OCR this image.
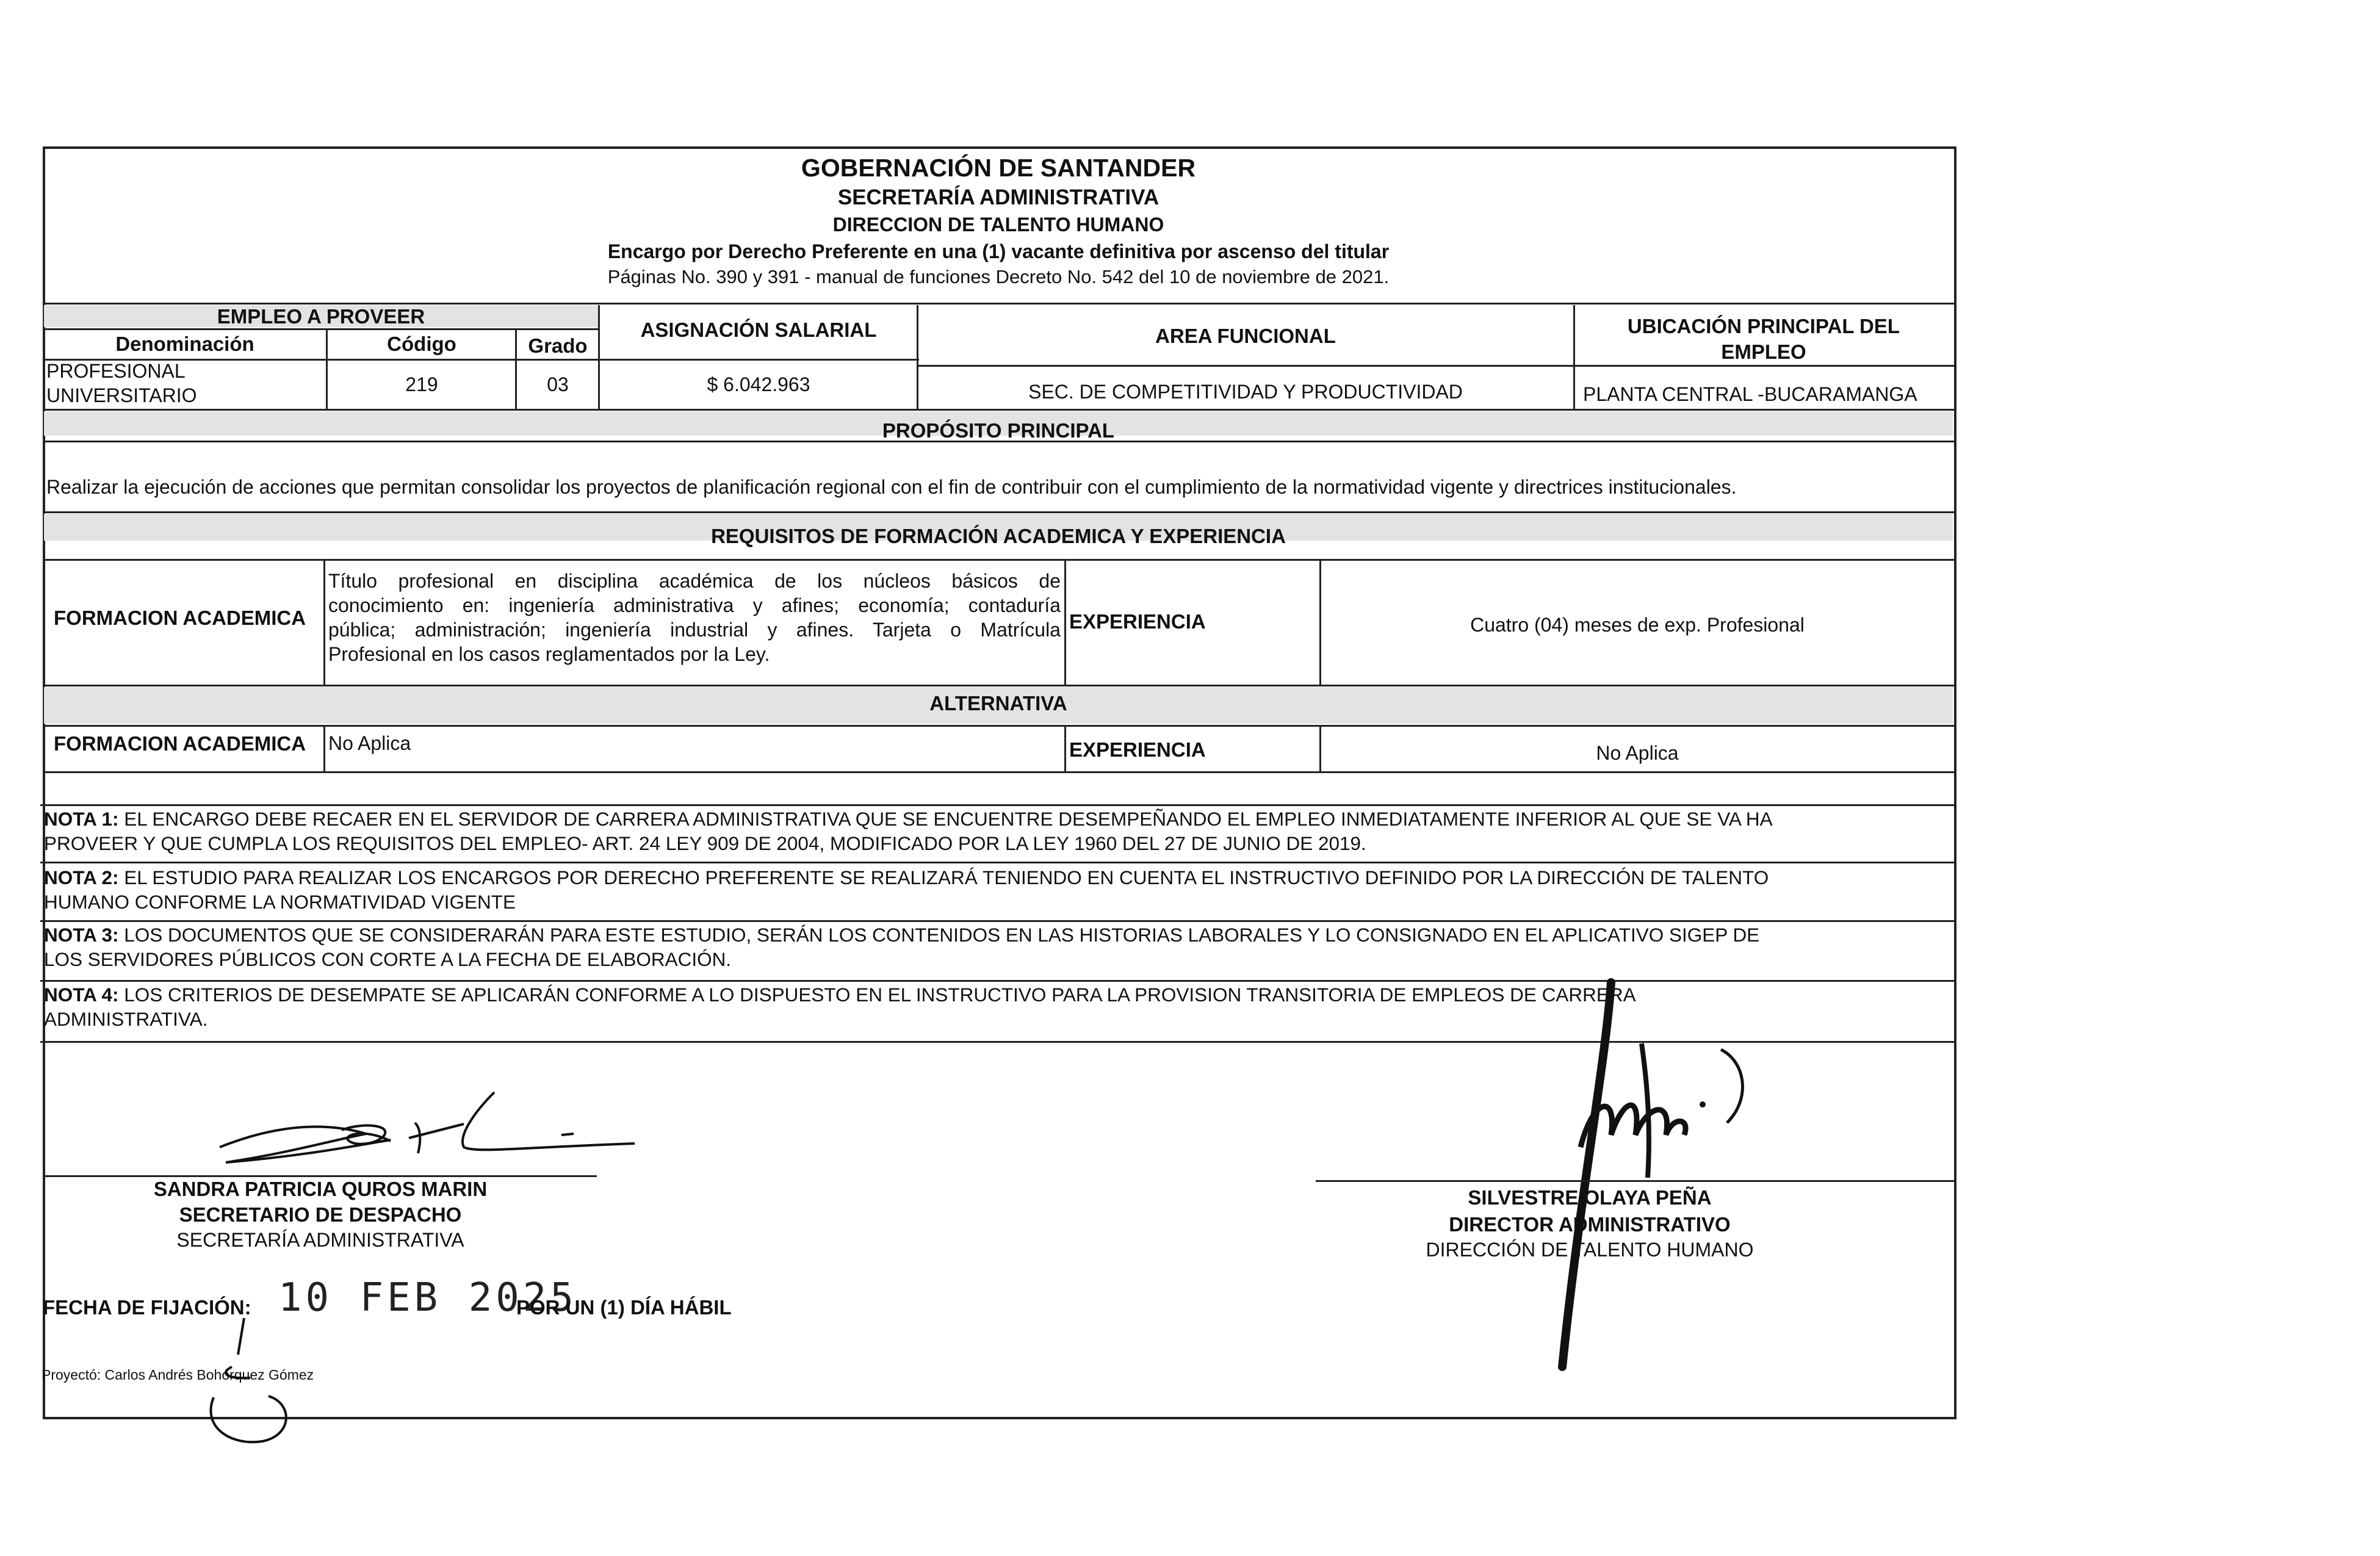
GOBERNACIÓN DE SANTANDER
SECRETARÍA ADMINISTRATIVA
DIRECCION DE TALENTO HUMANO
Encargo por Derecho Preferente en una (1) vacante definitiva por ascenso del titular
Páginas No. 390 y 391 - manual de funciones Decreto No. 542 del 10 de noviembre de 2021.
EMPLEO A PROVEER
Denominación	Código	Grado
ASIGNACIÓN SALARIAL	AREA FUNCIONAL	UBICACIÓN PRINCIPAL DEL EMPLEO
PROFESIONAL
UNIVERSITARIO	219	03	$ 6.042.963	SEC. DE COMPETITIVIDAD Y PRODUCTIVIDAD	PLANTA CENTRAL -BUCARAMANGA
PROPÓSITO PRINCIPAL
Realizar la ejecución de acciones que permitan consolidar los proyectos de planificación regional con el fin de contribuir con el cumplimiento de la normatividad vigente y directrices institucionales.
REQUISITOS DE FORMACIÓN ACADEMICA Y EXPERIENCIA
FORMACION ACADEMICA
Título profesional en disciplina académica de los núcleos básicos de
conocimiento en: ingeniería administrativa y afines; economía; contaduría
pública; administración; ingeniería industrial y afines. Tarjeta o Matrícula
Profesional en los casos reglamentados por la Ley.
EXPERIENCIA	Cuatro (04) meses de exp. Profesional
ALTERNATIVA
FORMACION ACADEMICA No Aplica	EXPERIENCIA	No Aplica
NOTA 1: EL ENCARGO DEBE RECAER EN EL SERVIDOR DE CARRERA ADMINISTRATIVA QUE SE ENCUENTRE DESEMPEÑANDO EL EMPLEO INMEDIATAMENTE INFERIOR AL QUE SE VA HA
PROVEER Y QUE CUMPLA LOS REQUISITOS DEL EMPLEO- ART. 24 LEY 909 DE 2004, MODIFICADO POR LA LEY 1960 DEL 27 DE JUNIO DE 2019.
NOTA 2: EL ESTUDIO PARA REALIZAR LOS ENCARGOS POR DERECHO PREFERENTE SE REALIZARÁ TENIENDO EN CUENTA EL INSTRUCTIVO DEFINIDO POR LA DIRECCIÓN DE TALENTO
HUMANO CONFORME LA NORMATIVIDAD VIGENTE
NOTA 3: LOS DOCUMENTOS QUE SE CONSIDERARÁN PARA ESTE ESTUDIO, SERÁN LOS CONTENIDOS EN LAS HISTORIAS LABORALES Y LO CONSIGNADO EN EL APLICATIVO SIGEP DE
LOS SERVIDORES PÚBLICOS CON CORTE A LA FECHA DE ELABORACIÓN.
NOTA 4: LOS CRITERIOS DE DESEMPATE SE APLICARÁN CONFORME A LO DISPUESTO EN EL INSTRUCTIVO PARA LA PROVISION TRANSITORIA DE EMPLEOS DE CARRERA
ADMINISTRATIVA.
SANDRA PATRICIA QUROS MARIN
SECRETARIO DE DESPACHO
SECRETARÍA ADMINISTRATIVA
SILVESTRE OLAYA PEÑA
DIRECTOR ADMINISTRATIVO
DIRECCIÓN DE TALENTO HUMANO
FECHA DE FIJACIÓN: 10 FEB 2025
POR UN (1) DÍA HÁBIL
Proyectó: Carlos Andrés Bohórquez Gómez
